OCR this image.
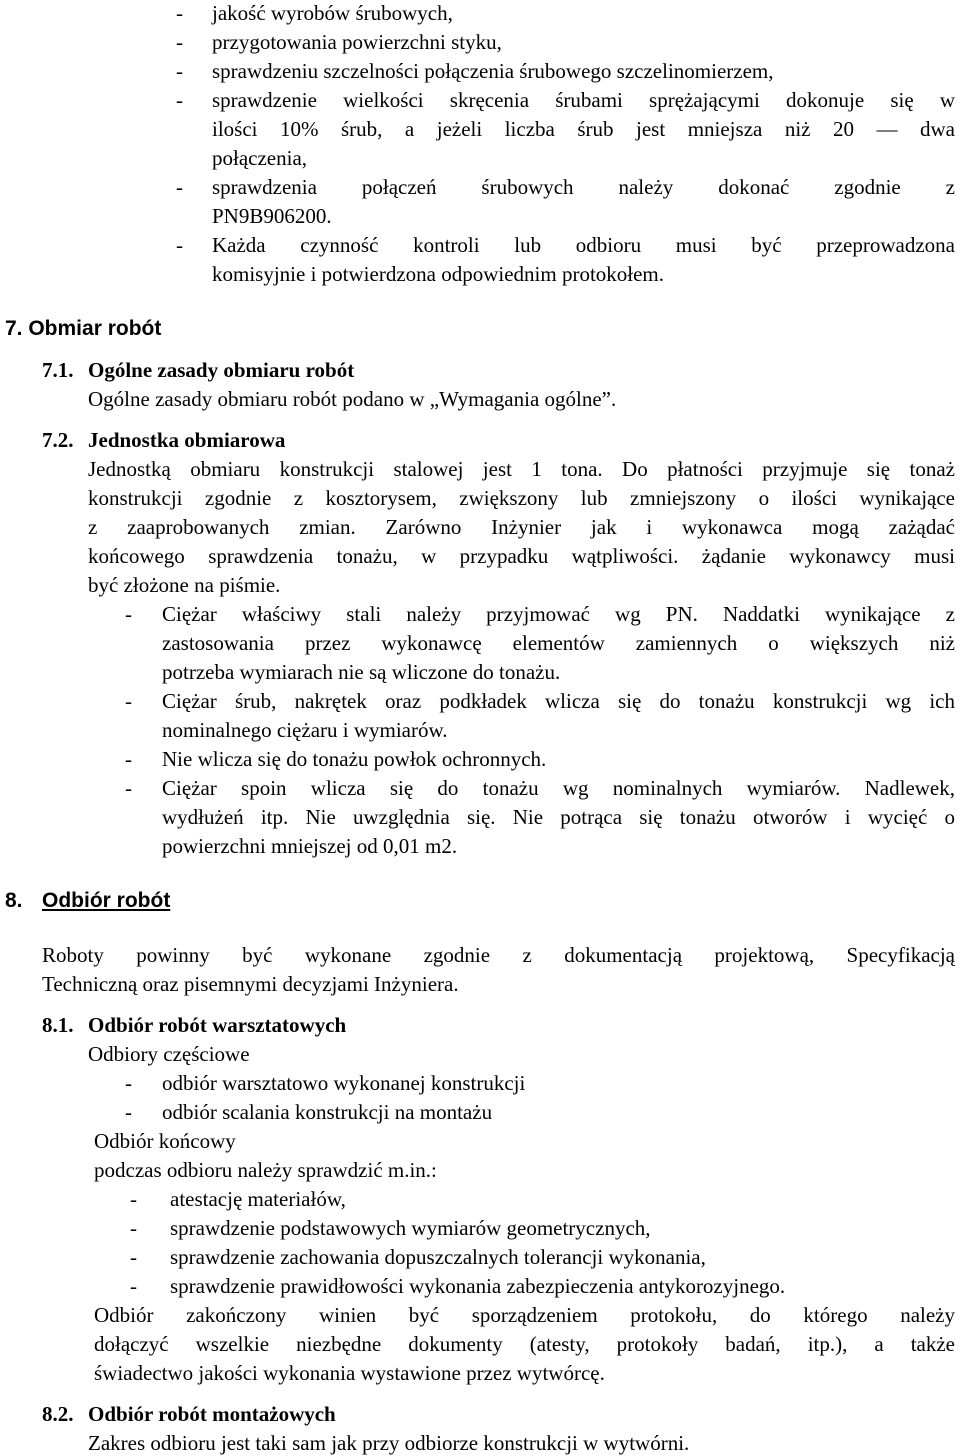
- jakość wyrobów śrubowych,
- przygotowania powierzchni styku,
- sprawdzeniu szczelności połączenia śrubowego szczelinomierzem,
- sprawdzenie wielkości skręcenia śrubami sprężającymi dokonuje się w
ilości 10% śrub, a jeżeli liczba śrub jest mniejsza niż 20 — dwa
połączenia,
- sprawdzenia połączeń śrubowych należy dokonać zgodnie z
PN9B906200.
- Każda czynność kontroli lub odbioru musi być przeprowadzona
komisyjnie i potwierdzona odpowiednim protokołem.
7. Obmiar robót
7.1. Ogólne zasady obmiaru robót
Ogólne zasady obmiaru robót podano w „Wymagania ogólne”.
7.2. Jednostka obmiarowa
Jednostką obmiaru konstrukcji stalowej jest 1 tona. Do płatności przyjmuje się tonaż
konstrukcji zgodnie z kosztorysem, zwiększony lub zmniejszony o ilości wynikające
z zaaprobowanych zmian. Zarówno Inżynier jak i wykonawca mogą zażądać
końcowego sprawdzenia tonażu, w przypadku wątpliwości. żądanie wykonawcy musi
być złożone na piśmie.
- Ciężar właściwy stali należy przyjmować wg PN. Naddatki wynikające z
zastosowania przez wykonawcę elementów zamiennych o większych niż
potrzeba wymiarach nie są wliczone do tonażu.
- Ciężar śrub, nakrętek oraz podkładek wlicza się do tonażu konstrukcji wg ich
nominalnego ciężaru i wymiarów.
- Nie wlicza się do tonażu powłok ochronnych.
- Ciężar spoin wlicza się do tonażu wg nominalnych wymiarów. Nadlewek,
wydłużeń itp. Nie uwzględnia się. Nie potrąca się tonażu otworów i wycięć o
powierzchni mniejszej od 0,01 m2.
8. Odbiór robót
Roboty powinny być wykonane zgodnie z dokumentacją projektową, Specyfikacją
Techniczną oraz pisemnymi decyzjami Inżyniera.
8.1. Odbiór robót warsztatowych
Odbiory częściowe
- odbiór warsztatowo wykonanej konstrukcji
- odbiór scalania konstrukcji na montażu
Odbiór końcowy
podczas odbioru należy sprawdzić m.in.:
- atestację materiałów,
- sprawdzenie podstawowych wymiarów geometrycznych,
- sprawdzenie zachowania dopuszczalnych tolerancji wykonania,
- sprawdzenie prawidłowości wykonania zabezpieczenia antykorozyjnego.
Odbiór zakończony winien być sporządzeniem protokołu, do którego należy
dołączyć wszelkie niezbędne dokumenty (atesty, protokoły badań, itp.), a także
świadectwo jakości wykonania wystawione przez wytwórcę.
8.2. Odbiór robót montażowych
Zakres odbioru jest taki sam jak przy odbiorze konstrukcji w wytwórni.
